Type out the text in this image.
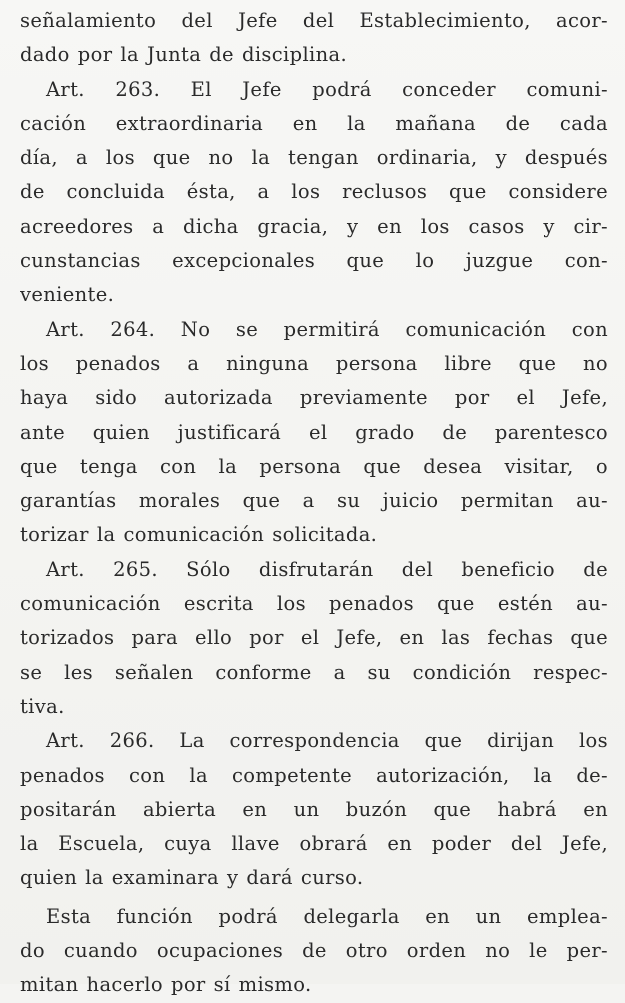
señalamiento del Jefe del Establecimiento, acor-
dado por la Junta de disciplina.
Art. 263. El Jefe podrá conceder comuni-
cación extraordinaria en la mañana de cada
día, a los que no la tengan ordinaria, y después
de concluida ésta, a los reclusos que considere
acreedores a dicha gracia, y en los casos y cir-
cunstancias excepcionales que lo juzgue con-
veniente.
Art. 264. No se permitirá comunicación con
los penados a ninguna persona libre que no
haya sido autorizada previamente por el Jefe,
ante quien justificará el grado de parentesco
que tenga con la persona que desea visitar, o
garantías morales que a su juicio permitan au-
torizar la comunicación solicitada.
Art. 265. Sólo disfrutarán del beneficio de
comunicación escrita los penados que estén au-
torizados para ello por el Jefe, en las fechas que
se les señalen conforme a su condición respec-
tiva.
Art. 266. La correspondencia que dirijan los
penados con la competente autorización, la de-
positarán abierta en un buzón que habrá en
la Escuela, cuya llave obrará en poder del Jefe,
quien la examinara y dará curso.
Esta función podrá delegarla en un emplea-
do cuando ocupaciones de otro orden no le per-
mitan hacerlo por sí mismo.
